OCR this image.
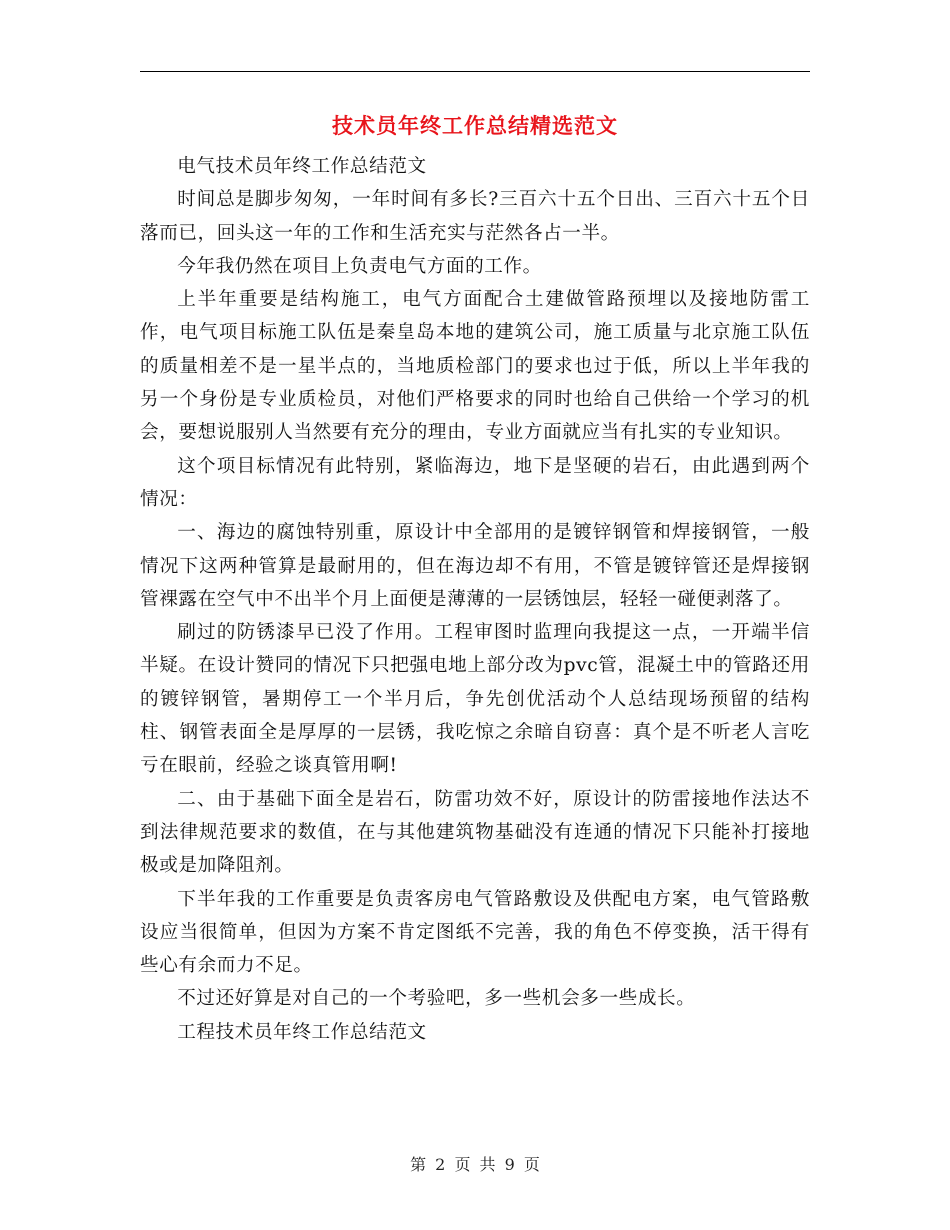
技术员年终工作总结精选范文

电气技术员年终工作总结范文

时间总是脚步匆匆，一年时间有多长?三百六十五个日出、三百六十五个日落而已，回头这一年的工作和生活充实与茫然各占一半。

今年我仍然在项目上负责电气方面的工作。

上半年重要是结构施工，电气方面配合土建做管路预埋以及接地防雷工作，电气项目标施工队伍是秦皇岛本地的建筑公司，施工质量与北京施工队伍的质量相差不是一星半点的，当地质检部门的要求也过于低，所以上半年我的另一个身份是专业质检员，对他们严格要求的同时也给自己供给一个学习的机会，要想说服别人当然要有充分的理由，专业方面就应当有扎实的专业知识。

这个项目标情况有此特别，紧临海边，地下是坚硬的岩石，由此遇到两个情况：

一、海边的腐蚀特别重，原设计中全部用的是镀锌钢管和焊接钢管，一般情况下这两种管算是最耐用的，但在海边却不有用，不管是镀锌管还是焊接钢管裸露在空气中不出半个月上面便是薄薄的一层锈蚀层，轻轻一碰便剥落了。

刷过的防锈漆早已没了作用。工程审图时监理向我提这一点，一开端半信半疑。在设计赞同的情况下只把强电地上部分改为pvc管，混凝土中的管路还用的镀锌钢管，暑期停工一个半月后，争先创优活动个人总结现场预留的结构柱、钢管表面全是厚厚的一层锈，我吃惊之余暗自窃喜：真个是不听老人言吃亏在眼前，经验之谈真管用啊!

二、由于基础下面全是岩石，防雷功效不好，原设计的防雷接地作法达不到法律规范要求的数值，在与其他建筑物基础没有连通的情况下只能补打接地极或是加降阻剂。

下半年我的工作重要是负责客房电气管路敷设及供配电方案，电气管路敷设应当很简单，但因为方案不肯定图纸不完善，我的角色不停变换，活干得有些心有余而力不足。

不过还好算是对自己的一个考验吧，多一些机会多一些成长。

工程技术员年终工作总结范文

第 2 页 共 9 页
